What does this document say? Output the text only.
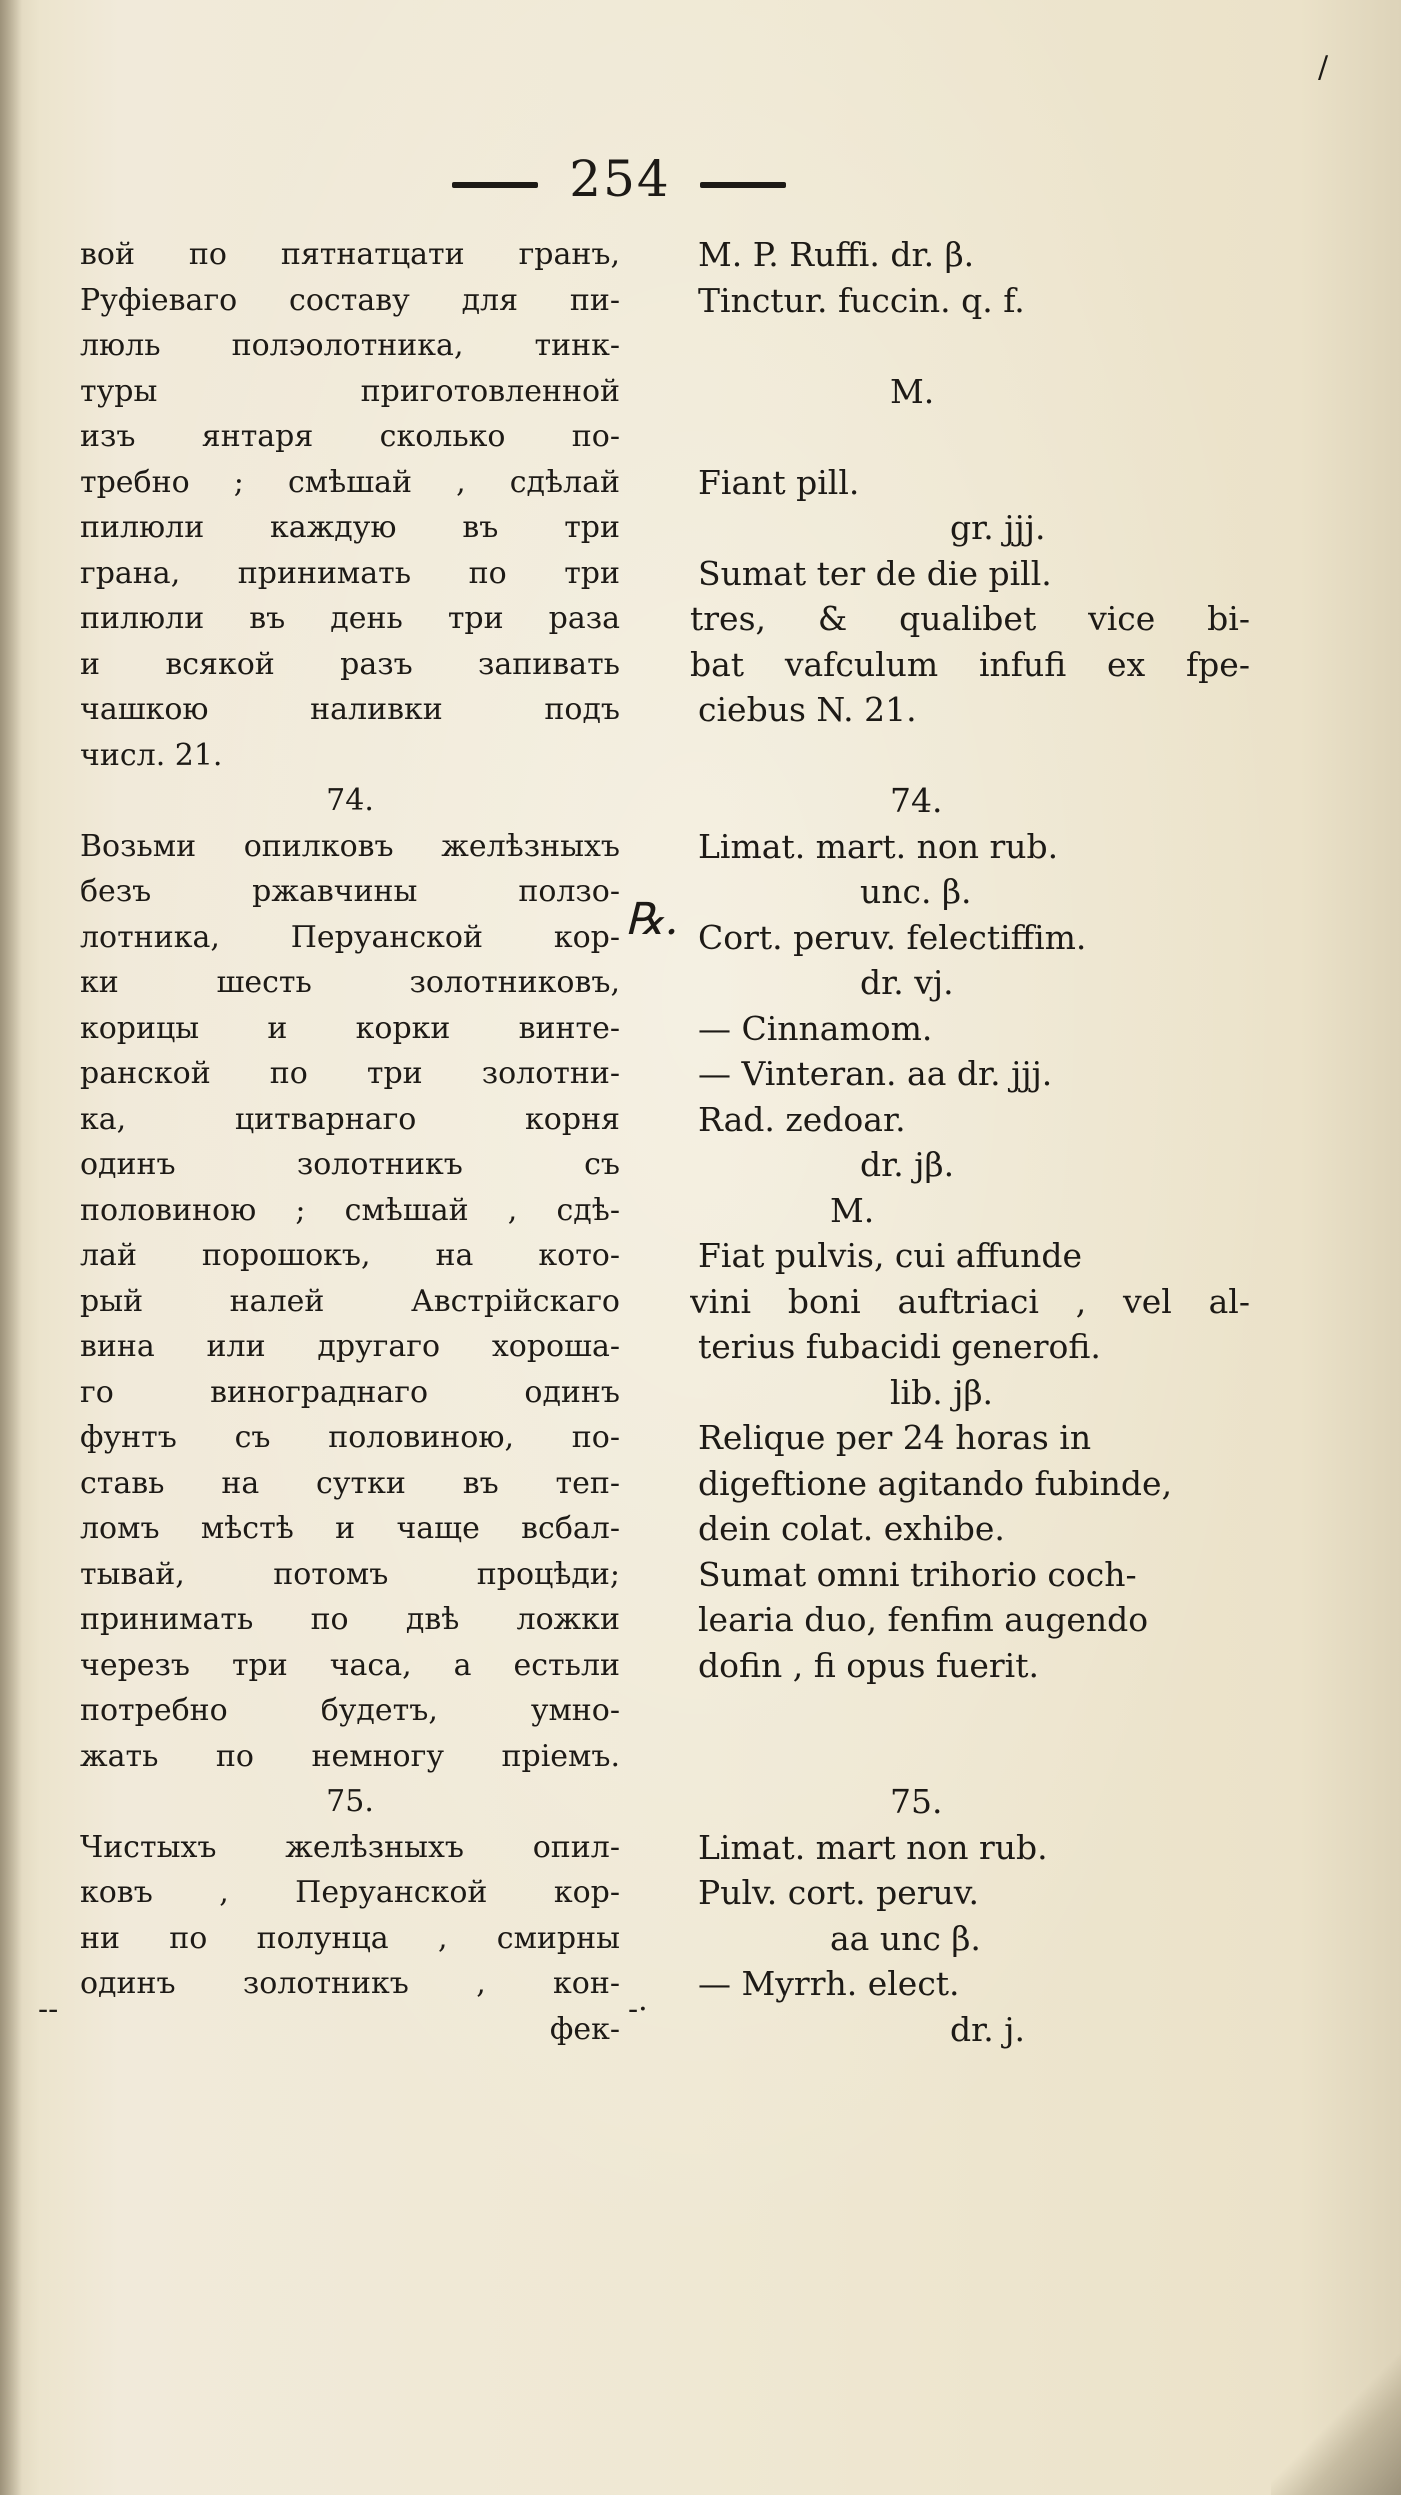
254
/
вой по пятнатцати гранъ,
Руфіеваго составу для пи-
люль полэолотника, тинк-
туры приготовленной
изъ янтаря сколько по-
требно ; смѣшай , сдѣлай
пилюли каждую въ три
грана, принимать по три
пилюли въ день три раза
и всякой разъ запивать
чашкою наливки подъ
числ. 21.
74.
Возьми опилковъ желѣзныхъ
безъ ржавчины ползо-
лотника, Перуанской кор-
ки шесть золотниковъ,
корицы и корки винте-
ранской по три золотни-
ка, цитварнаго корня
одинъ золотникъ съ
половиною ; смѣшай , сдѣ-
лай порошокъ, на кото-
рый налей Австрійскаго
вина или другаго хороша-
го винограднаго одинъ
фунтъ съ половиною, по-
ставь на сутки въ теп-
ломъ мѣстѣ и чаще всбал-
тывай, потомъ процѣди;
принимать по двѣ ложки
черезъ три часа, а естьли
потребно будетъ, умно-
жать по немногу пріемъ.
75.
Чистыхъ желѣзныхъ опил-
ковъ , Перуанской кор-
ни по полунца , смирны
одинъ золотникъ , кон-
фек-
--	-·
℞.
M. P. Ruffi. dr. β.
Tinctur. fuccin. q. f.
M.
Fiant pill.
gr. jjj.
Sumat ter de die pill.
tres, & qualibet vice bi-
bat vafculum infufi ex fpe-
ciebus N. 21.
74.
Limat. mart. non rub.
unc. β.
Cort. peruv. felectiffim.
dr. vj.
— Cinnamom.
— Vinteran. aa dr. jjj.
Rad. zedoar.
dr. jβ.
M.
Fiat pulvis, cui affunde
vini boni auftriaci , vel al-
terius fubacidi generofi.
lib. jβ.
Relique per 24 horas in
digeftione agitando fubinde,
dein colat. exhibe.
Sumat omni trihorio coch-
learia duo, fenfim augendo
dofin , fi opus fuerit.
75.
Limat. mart non rub.
Pulv. cort. peruv.
aa unc β.
— Myrrh. elect.
dr. j.
